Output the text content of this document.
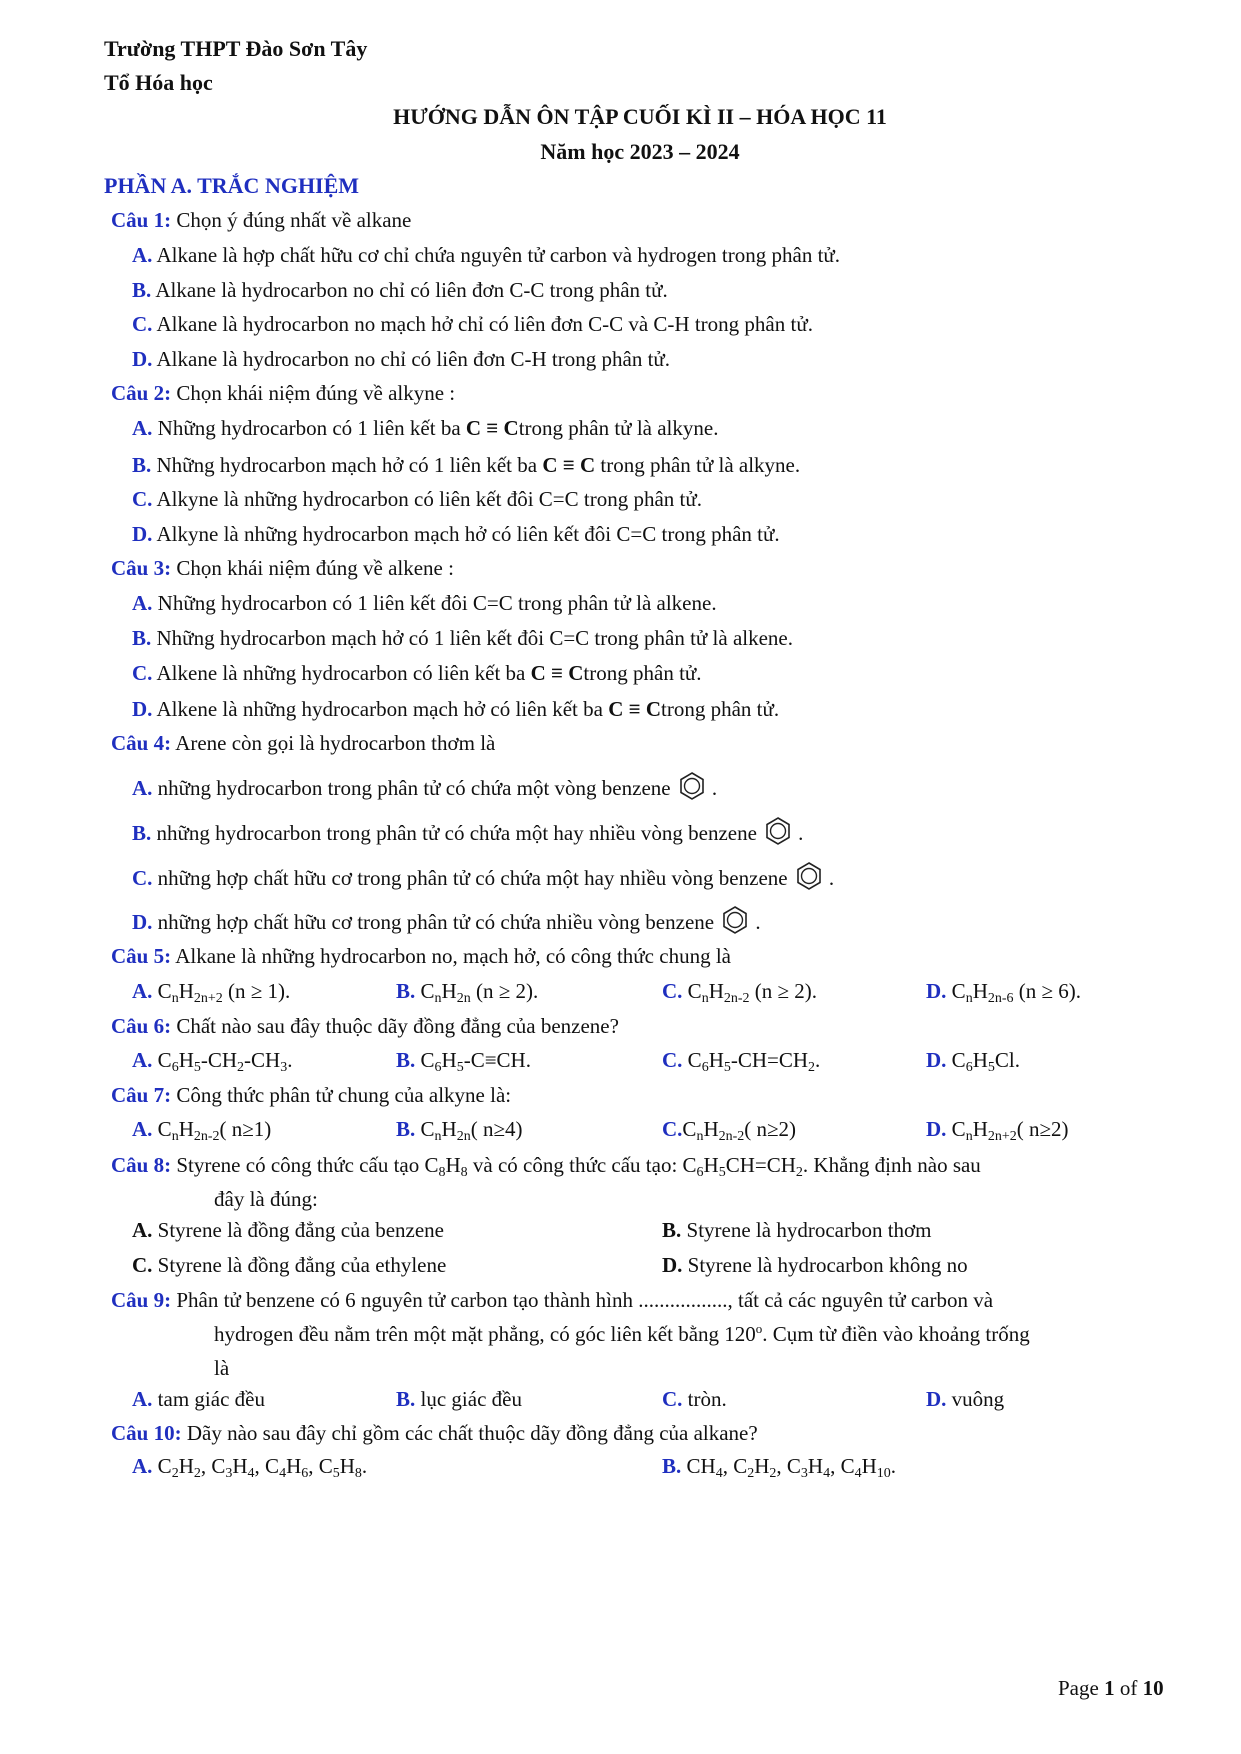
Trường THPT Đào Sơn Tây
Tổ Hóa học
HƯỚNG DẪN ÔN TẬP CUỐI KÌ II – HÓA HỌC 11
Năm học 2023 – 2024
PHẦN A. TRẮC NGHIỆM
Câu 1: Chọn ý đúng nhất về alkane
A. Alkane là hợp chất hữu cơ chỉ chứa nguyên tử carbon và hydrogen trong phân tử.
B. Alkane là hydrocarbon no chỉ có liên đơn C-C trong phân tử.
C. Alkane là hydrocarbon no mạch hở chỉ có liên đơn C-C và C-H trong phân tử.
D. Alkane là hydrocarbon no chỉ có liên đơn C-H trong phân tử.
Câu 2: Chọn khái niệm đúng về alkyne :
A. Những hydrocarbon có 1 liên kết ba C ≡ Ctrong phân tử là alkyne.
B. Những hydrocarbon mạch hở có 1 liên kết ba C ≡ C trong phân tử là alkyne.
C. Alkyne là những hydrocarbon có liên kết đôi C=C trong phân tử.
D. Alkyne là những hydrocarbon mạch hở có liên kết đôi C=C trong phân tử.
Câu 3: Chọn khái niệm đúng về alkene :
A. Những hydrocarbon có 1 liên kết đôi C=C trong phân tử là alkene.
B. Những hydrocarbon mạch hở có 1 liên kết đôi C=C trong phân tử là alkene.
C. Alkene là những hydrocarbon có liên kết ba C ≡ Ctrong phân tử.
D. Alkene là những hydrocarbon mạch hở có liên kết ba C ≡ Ctrong phân tử.
Câu 4: Arene còn gọi là hydrocarbon thơm là
A. những hydrocarbon trong phân tử có chứa một vòng benzene .
B. những hydrocarbon trong phân tử có chứa một hay nhiều vòng benzene .
C. những hợp chất hữu cơ trong phân tử có chứa một hay nhiều vòng benzene .
D. những hợp chất hữu cơ trong phân tử có chứa nhiều vòng benzene .
Câu 5: Alkane là những hydrocarbon no, mạch hở, có công thức chung là
A. $C_nH_{2n+2}$ (n ≥ 1).	B. $C_nH_{2n}$ (n ≥ 2).	C. $C_nH_{2n-2}$ (n ≥ 2).	D. $C_nH_{2n-6}$ (n ≥ 6).
Câu 6: Chất nào sau đây thuộc dãy đồng đẳng của benzene?
A. $C_6H_5-CH_2-CH_3$.	B. $C_6H_5-C\equiv CH$.	C. $C_6H_5-CH=CH_2$.	D. $C_6H_5Cl$.
Câu 7: Công thức phân tử chung của alkyne là:
A. $C_nH_{2n-2}$( n≥1)	B. $C_nH_{2n}$( n≥4)	$C.C_nH_{2n-2}$( n≥2)	D. $C_nH_{2n+2}$( n≥2)
Câu 8: Styrene có công thức cấu tạo $C_8H_8$ và có công thức cấu tạo: $C_6H_5CH=CH_2$. Khẳng định nào sau
đây là đúng:
A. Styrene là đồng đẳng của benzene	B. Styrene là hydrocarbon thơm
C. Styrene là đồng đẳng của ethylene	D. Styrene là hydrocarbon không no
Câu 9: Phân tử benzene có 6 nguyên tử carbon tạo thành hình ................., tất cả các nguyên tử carbon và
hydrogen đều nằm trên một mặt phẳng, có góc liên kết bằng 120$^o$. Cụm từ điền vào khoảng trống
là
A. tam giác đều	B. lục giác đều	C. tròn.	D. vuông
Câu 10: Dãy nào sau đây chỉ gồm các chất thuộc dãy đồng đẳng của alkane?
A. $C_2H_2$, $C_3H_4$, $C_4H_6$, $C_5H_8$.	B. $CH_4$, $C_2H_2$, $C_3H_4$, $C_4H_{10}$.
Page 1 of 10
